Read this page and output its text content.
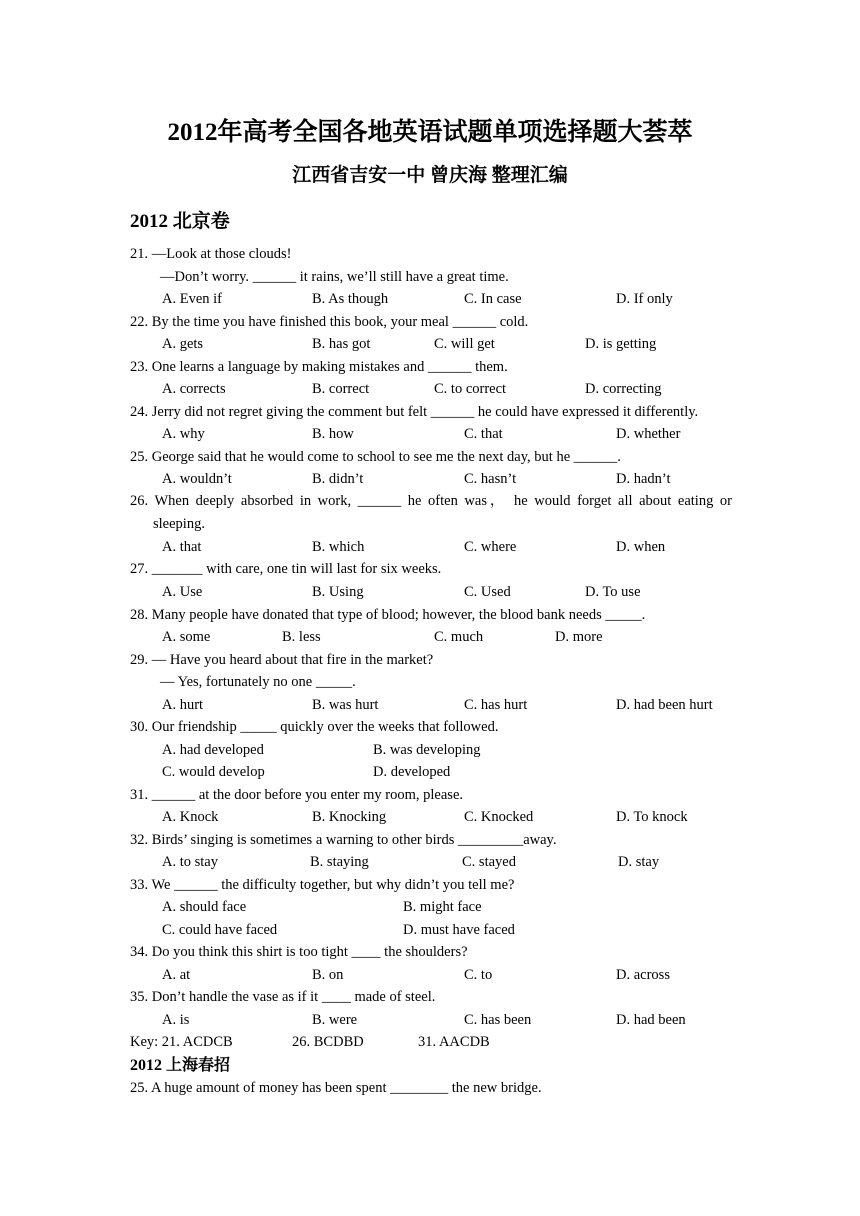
2012年高考全国各地英语试题单项选择题大荟萃
江西省吉安一中 曾庆海 整理汇编
2012 北京卷
21. —Look at those clouds!
—Don’t worry. ______ it rains, we’ll still have a great time.
A. Even if	B. As though	C. In case	D. If only
22. By the time you have finished this book, your meal ______ cold.
A. gets	B. has got	C. will get	D. is getting
23. One learns a language by making mistakes and ______ them.
A. corrects	B. correct	C. to correct	D. correcting
24. Jerry did not regret giving the comment but felt ______ he could have expressed it differently.
A. why	B. how	C. that	D. whether
25. George said that he would come to school to see me the next day, but he ______.
A. wouldn’t	B. didn’t	C. hasn’t	D. hadn’t
26. When deeply absorbed in work, ______ he often was， he would forget all about eating or
sleeping.
A. that	B. which	C. where	D. when
27. _______ with care, one tin will last for six weeks.
A. Use	B. Using	C. Used	D. To use
28. Many people have donated that type of blood; however, the blood bank needs _____.
A. some	B. less	C. much	D. more
29. — Have you heard about that fire in the market?
— Yes, fortunately no one _____.
A. hurt	B. was hurt	C. has hurt	D. had been hurt
30. Our friendship _____ quickly over the weeks that followed.
A. had developed	B. was developing
C. would develop	D. developed
31. ______ at the door before you enter my room, please.
A. Knock	B. Knocking	C. Knocked	D. To knock
32. Birds’ singing is sometimes a warning to other birds _________away.
A. to stay	B. staying	C. stayed	D. stay
33. We ______ the difficulty together, but why didn’t you tell me?
A. should face	B. might face
C. could have faced	D. must have faced
34. Do you think this shirt is too tight ____ the shoulders?
A. at	B. on	C. to	D. across
35. Don’t handle the vase as if it ____ made of steel.
A. is	B. were	C. has been	D. had been
Key: 21. ACDCB	26. BCDBD	31. AACDB
2012 上海春招
25. A huge amount of money has been spent ________ the new bridge.
